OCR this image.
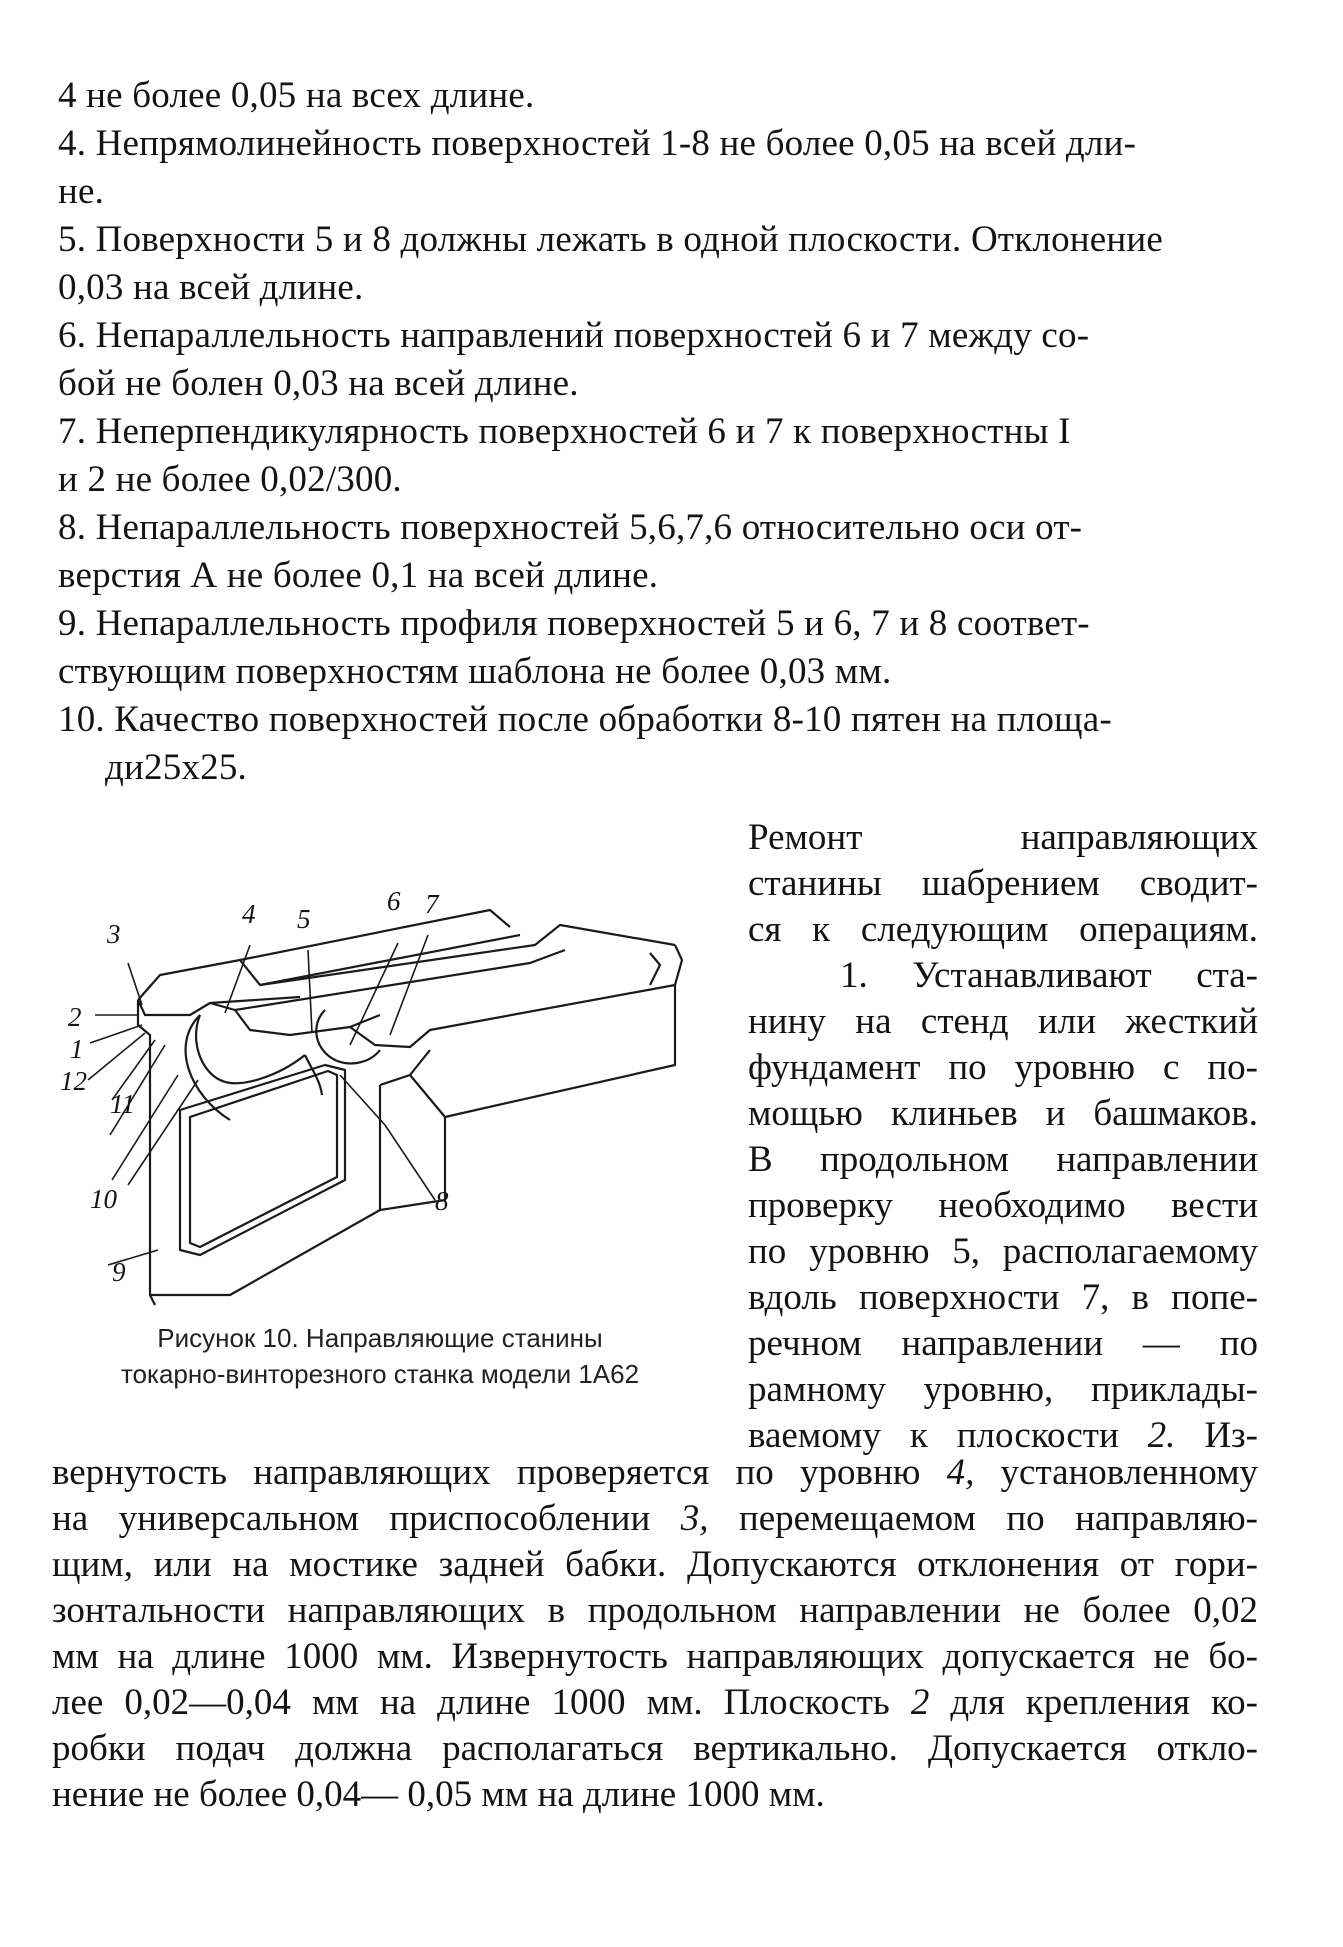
4 не более 0,05 на всех длине.
4. Непрямолинейность поверхностей 1-8 не более 0,05 на всей дли-
не.
5. Поверхности 5 и 8 должны лежать в одной плоскости. Отклонение
0,03 на всей длине.
6. Непараллельность направлений поверхностей 6 и 7 между со-
бой не болен 0,03 на всей длине.
7. Неперпендикулярность поверхностей 6 и 7 к поверхностны I
и 2 не более 0,02/300.
8. Непараллельность поверхностей 5,6,7,6 относительно оси от-
верстия А не более 0,1 на всей длине.
9. Непараллельность профиля поверхностей 5 и 6, 7 и 8 соответ-
ствующим поверхностям шаблона не более 0,03 мм.
10. Качество поверхностей после обработки 8-10 пятен на площа-
ди25х25.
3
4 5
6 7
2
1
12
11
10	8
9
Рисунок 10. Направляющие станины
токарно-винторезного станка модели 1А62
Ремонт направляющих
станины шабрением сводит-
ся к следующим операциям.
1. Устанавливают ста-
нину на стенд или жесткий
фундамент по уровню с по-
мощью клиньев и башмаков.
В продольном направлении
проверку необходимо вести
по уровню 5, располагаемому
вдоль поверхности 7, в попе-
речном направлении — по
рамному уровню, приклады-
ваемому к плоскости 2. Из-
вернутость направляющих проверяется по уровню 4, установленному
на универсальном приспособлении 3, перемещаемом по направляю-
щим, или на мостике задней бабки. Допускаются отклонения от гори-
зонтальности направляющих в продольном направлении не более 0,02
мм на длине 1000 мм. Извернутость направляющих допускается не бо-
лее 0,02—0,04 мм на длине 1000 мм. Плоскость 2 для крепления ко-
робки подач должна располагаться вертикально. Допускается откло-
нение не более 0,04— 0,05 мм на длине 1000 мм.
